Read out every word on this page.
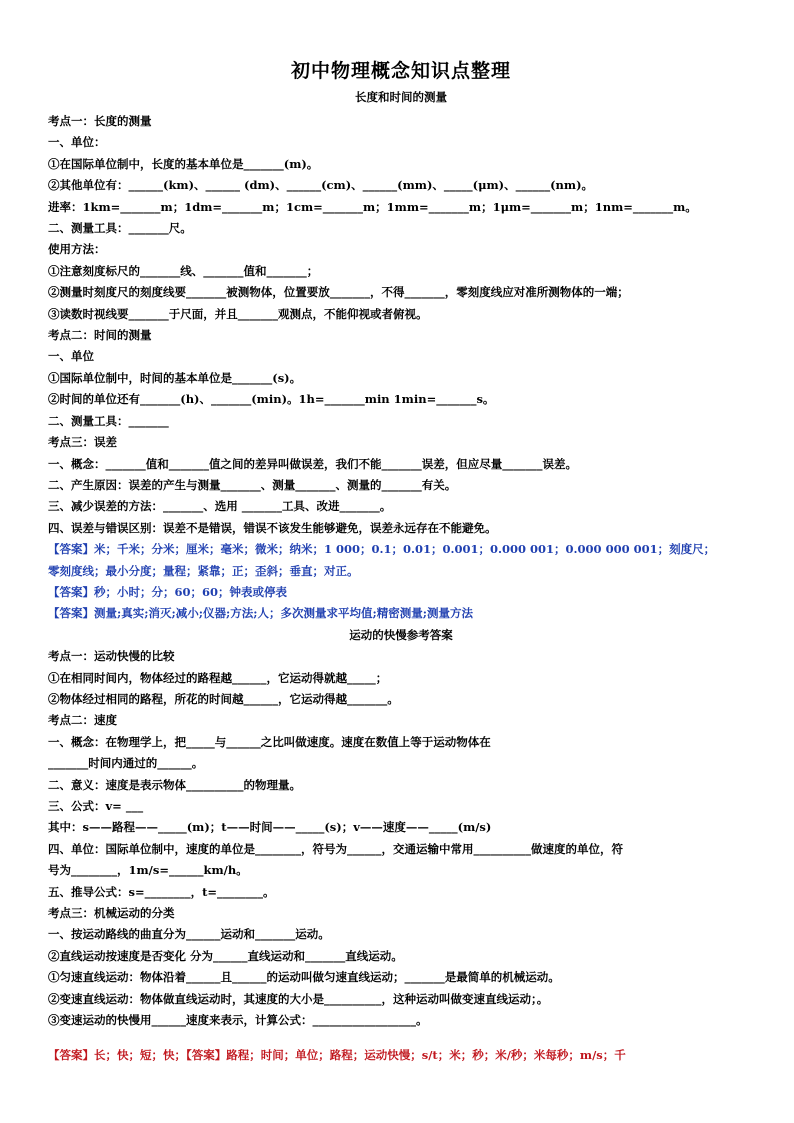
初中物理概念知识点整理
长度和时间的测量
考点一：长度的测量
一、单位：
①在国际单位制中，长度的基本单位是_______(m)。
②其他单位有：______(km)、______ (dm)、______(cm)、______(mm)、_____(μm)、______(nm)。
进率：1km=_______m；1dm=_______m；1cm=_______m；1mm=_______m；1μm=_______m；1nm=_______m。
二、测量工具：_______尺。
使用方法：
①注意刻度标尺的_______线、_______值和_______；
②测量时刻度尺的刻度线要_______被测物体，位置要放_______，不得_______，零刻度线应对准所测物体的一端；
③读数时视线要_______于尺面，并且_______观测点，不能仰视或者俯视。
考点二：时间的测量
一、单位
①国际单位制中，时间的基本单位是_______(s)。
②时间的单位还有_______(h)、_______(min)。1h=_______min 1min=_______s。
二、测量工具：_______
考点三：误差
一、概念：_______值和_______值之间的差异叫做误差，我们不能_______误差，但应尽量_______误差。
二、产生原因：误差的产生与测量_______、测量_______、测量的_______有关。
三、减少误差的方法：_______、选用 _______工具、改进_______。
四、误差与错误区别：误差不是错误，错误不该发生能够避免，误差永远存在不能避免。
【答案】米；千米；分米；厘米；毫米；微米；纳米；1 000；0.1；0.01；0.001；0.000 001；0.000 000 001；刻度尺；
零刻度线；最小分度；量程；紧靠；正；歪斜；垂直；对正。
【答案】秒；小时；分；60；60；钟表或停表
【答案】测量;真实;消灭;减小;仪器;方法;人；多次测量求平均值;精密测量;测量方法
运动的快慢参考答案
考点一：运动快慢的比较
①在相同时间内，物体经过的路程越______，它运动得就越_____；
②物体经过相同的路程，所花的时间越______，它运动得越_______。
考点二：速度
一、概念：在物理学上，把_____与______之比叫做速度。速度在数值上等于运动物体在
_______时间内通过的______。
二、意义：速度是表示物体__________的物理量。
三、公式：v= ___
其中：s——路程——_____(m)；t——时间——_____(s)；v——速度——_____(m/s)
四、单位：国际单位制中，速度的单位是________，符号为______，交通运输中常用__________做速度的单位，符
号为________，1m/s=______km/h。
五、推导公式：s=________，t=________。
考点三：机械运动的分类
一、按运动路线的曲直分为______运动和_______运动。
②直线运动按速度是否变化 分为______直线运动和_______直线运动。
①匀速直线运动：物体沿着______且______的运动叫做匀速直线运动；_______是最简单的机械运动。
②变速直线运动：物体做直线运动时，其速度的大小是__________，这种运动叫做变速直线运动；。
③变速运动的快慢用______速度来表示，计算公式：__________________。
【答案】长；快；短；快；【答案】路程；时间；单位；路程；运动快慢；s/t；米；秒；米/秒；米每秒；m/s；千
